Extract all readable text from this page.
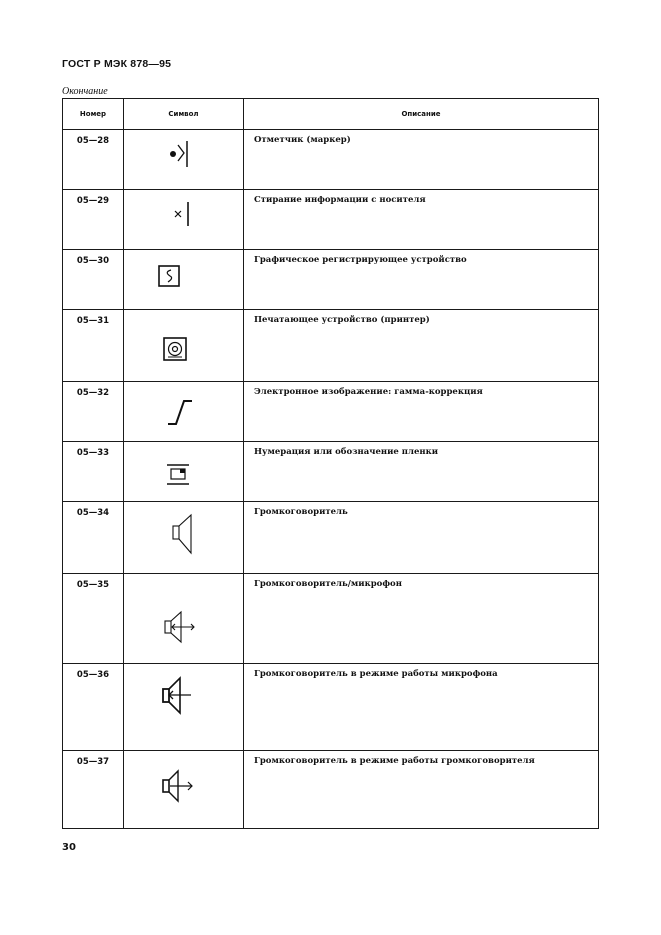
ГОСТ Р МЭК 878—95
Окончание
Номер	Символ	Описание
05—28		Отметчик (маркер)
05—29		Стирание информации с носителя
05—30		Графическое регистрирующее устройство
05—31		Печатающее устройство (принтер)
05—32		Электронное изображение: гамма-коррекция
05—33		Нумерация или обозначение пленки
05—34		Громкоговоритель
05—35		Громкоговоритель/микрофон
05—36		Громкоговоритель в режиме работы микрофона
05—37		Громкоговоритель в режиме работы громкоговорителя
30
